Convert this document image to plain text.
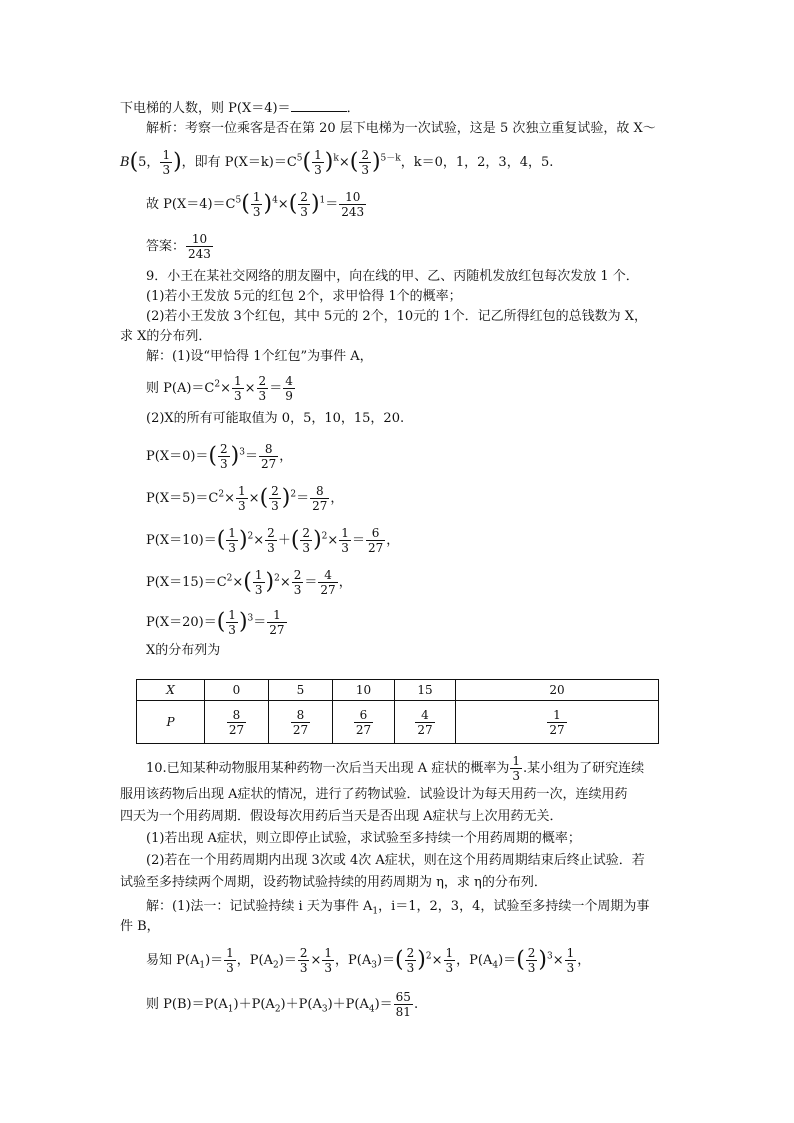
下电梯的人数，则 P(X＝4)＝	．
解析：考察一位乘客是否在第 20 层下电梯为一次试验，这是 5 次独立重复试验，故 X～
B(5， $\frac{1}{3}$ )，即有 $P(X=k)=C^5( \frac{1}{3} )^k\times( \frac{2}{3} )^{5-k}$，k＝0，1，2，3，4，5.
故 $P(X=4)=C^5( \frac{1}{3} )^4\times( \frac{2}{3} )^1= \frac{10}{243}$
答案： $\frac{10}{243}$
9．小王在某社交网络的朋友圈中，向在线的甲、乙、丙随机发放红包每次发放 1 个．
(1)若小王发放 5元的红包 2个，求甲恰得 1个的概率；
(2)若小王发放 3个红包，其中 5元的 2个，10元的 1个．记乙所得红包的总钱数为 X，
求 X的分布列．
解：(1)设“甲恰得 1个红包”为事件 A，
则 $P(A)=C^2\times \frac{1}{3} \times \frac{2}{3} = \frac{4}{9}$
(2)X的所有可能取值为 0，5，10，15，20.
$P(X=0)=( \frac{2}{3} )^3= \frac{8}{27}$ ，
$P(X=5)=C^2\times \frac{1}{3}$ ×( $\frac{2}{3} )^2= \frac{8}{27}$ ，
$P(X=10)=( \frac{1}{3} )^2\times \frac{2}{3}$ ＋( $\frac{2}{3} )^2\times \frac{1}{3} = \frac{6}{27}$ ，
$P(X=15)=C^2\times( \frac{1}{3} )^2\times \frac{2}{3} = \frac{4}{27}$ ，
$P(X=20)=( \frac{1}{3} )^3= \frac{1}{27}$
X的分布列为
X	0	5	10	15	20
P	$\frac{8}{27}$	$\frac{8}{27}$	$\frac{6}{27}$	$\frac{4}{27}$	$\frac{1}{27}$
10.已知某种动物服用某种药物一次后当天出现 A 症状的概率为 $\frac{1}{3}$ .某小组为了研究连续
服用该药物后出现 A症状的情况，进行了药物试验．试验设计为每天用药一次，连续用药
四天为一个用药周期．假设每次用药后当天是否出现 A症状与上次用药无关．
(1)若出现 A症状，则立即停止试验，求试验至多持续一个用药周期的概率；
(2)若在一个用药周期内出现 3次或 4次 A症状，则在这个用药周期结束后终止试验．若
试验至多持续两个周期，设药物试验持续的用药周期为 η，求 η的分布列．
解：(1)法一：记试验持续 i 天为事件 $A_1$，i＝1，2，3，4，试验至多持续一个周期为事
件 B，
易知 $P(A_1)= \frac{1}{3}$ ，$P(A_2)= \frac{2}{3} \times \frac{1}{3}$ ，$P(A_3)=( \frac{2}{3} )^2\times \frac{1}{3}$ ，$P(A_4)=( \frac{2}{3} )^3\times \frac{1}{3}$ ，
则 $P(B)=P(A_1)+P(A_2)+P(A_3)+P(A_4)= \frac{65}{81}$ .
